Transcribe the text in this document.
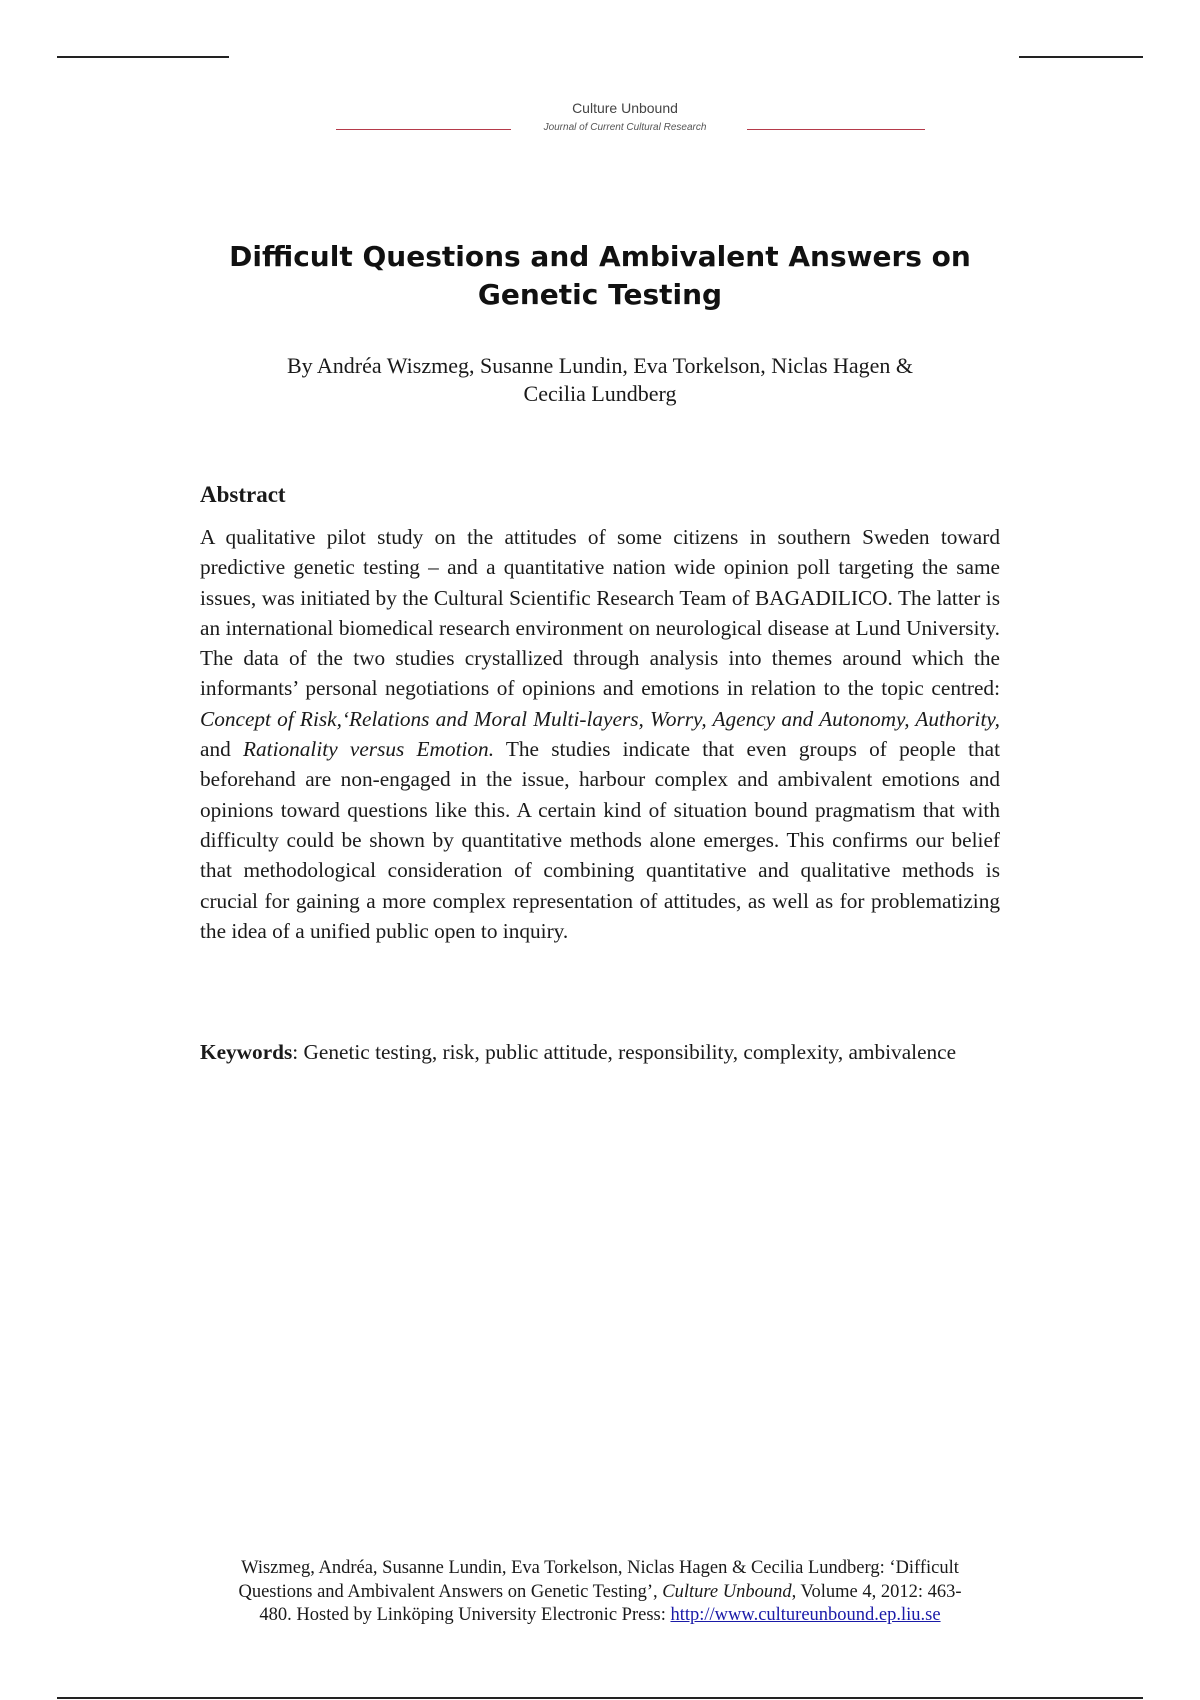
Culture Unbound
Journal of Current Cultural Research
Difficult Questions and Ambivalent Answers on
Genetic Testing
By Andréa Wiszmeg, Susanne Lundin, Eva Torkelson, Niclas Hagen &
Cecilia Lundberg
Abstract

A qualitative pilot study on the attitudes of some citizens in southern Sweden toward predictive genetic testing – and a quantitative nation wide opinion poll targeting the same issues, was initiated by the Cultural Scientific Research Team of BAGADILICO. The latter is an international biomedical research environment on neurological disease at Lund University. The data of the two studies crystallized through analysis into themes around which the informants’ personal negotiations of opinions and emotions in relation to the topic centred: Concept of Risk,‘Relations and Moral Multi-layers, Worry, Agency and Autonomy, Authority, and Rationality versus Emotion. The studies indicate that even groups of people that beforehand are non-engaged in the issue, harbour complex and ambivalent emotions and opinions toward questions like this. A certain kind of situation bound pragmatism that with difficulty could be shown by quantitative methods alone emerges. This confirms our belief that methodological consideration of combining quantitative and qualitative methods is crucial for gaining a more complex representation of attitudes, as well as for problematizing the idea of a unified public open to inquiry.

Keywords: Genetic testing, risk, public attitude, responsibility, complexity, ambivalence

Wiszmeg, Andréa, Susanne Lundin, Eva Torkelson, Niclas Hagen & Cecilia Lundberg: ‘Difficult
Questions and Ambivalent Answers on Genetic Testing’, Culture Unbound, Volume 4, 2012: 463-
480. Hosted by Linköping University Electronic Press: http://www.cultureunbound.ep.liu.se
